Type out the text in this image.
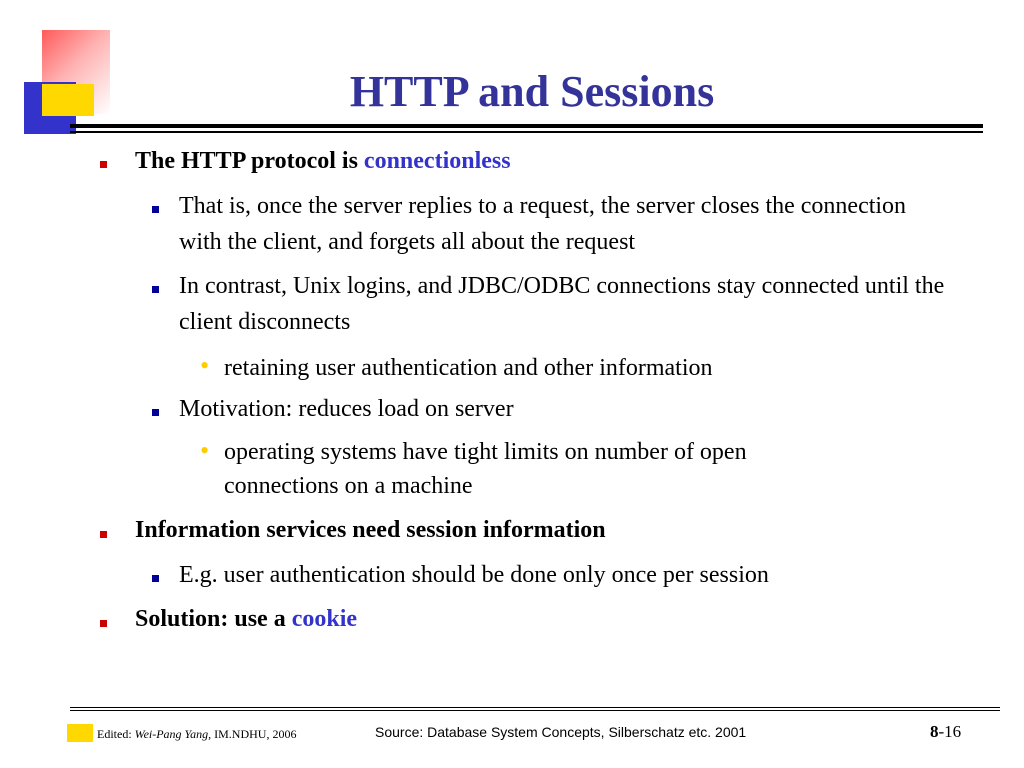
HTTP and Sessions
The HTTP protocol is connectionless
That is, once the server replies to a request, the server closes the connection with the client, and forgets all about the request
In contrast, Unix logins, and JDBC/ODBC connections stay connected until the client disconnects
• retaining user authentication and other information
Motivation: reduces load on server
• operating systems have tight limits on number of open connections on a machine
Information services need session information
E.g. user authentication should be done only once per session
Solution: use a cookie
Edited: Wei-Pang Yang, IM.NDHU, 2006	Source: Database System Concepts, Silberschatz etc. 2001	8-16
